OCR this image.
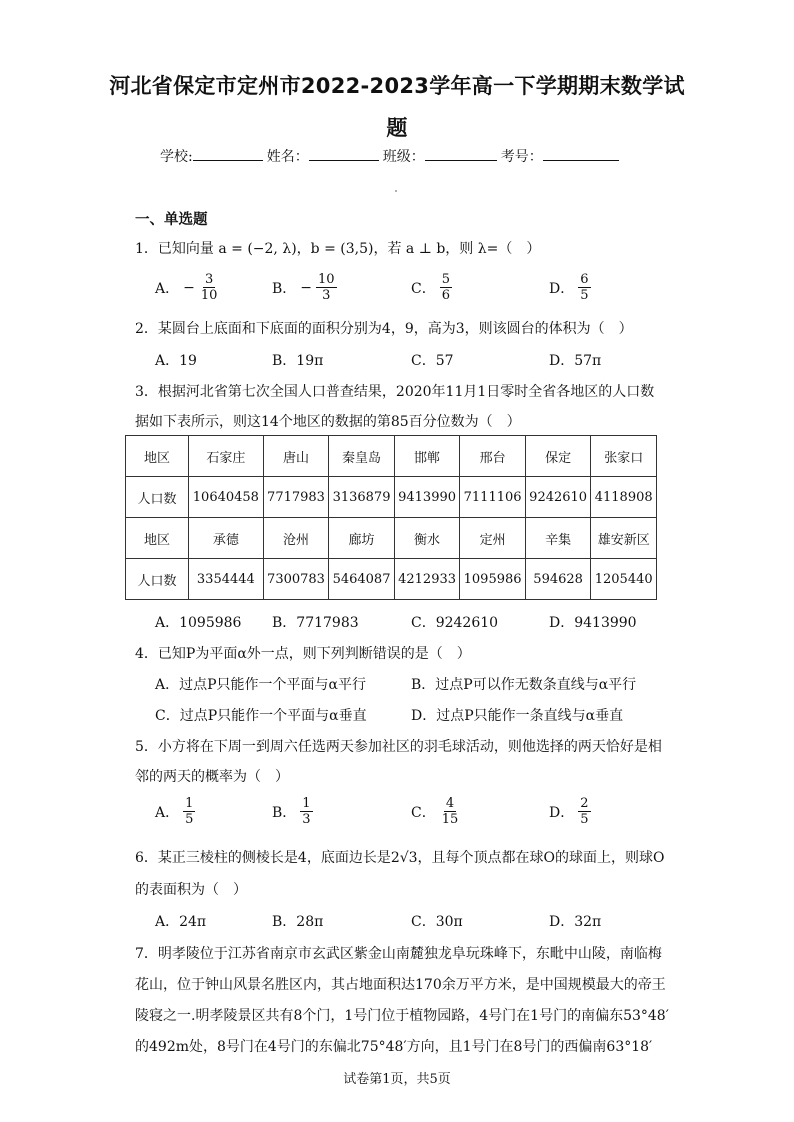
河北省保定市定州市2022-2023学年高一下学期期末数学试
题
学校:	姓名：	班级：	考号：
一、单选题
1．已知向量 a = (−2, λ)，b = (3,5)，若 a ⊥ b，则 λ=（　）
A． − $\frac{3}{10}$	B． − $\frac{10}{3}$	C． $\frac{5}{6}$	D． $\frac{6}{5}$
2．某圆台上底面和下底面的面积分别为4，9，高为3，则该圆台的体积为（　）
A．19	B．19π	C．57	D．57π
3．根据河北省第七次全国人口普查结果，2020年11月1日零时全省各地区的人口数
据如下表所示，则这14个地区的数据的第85百分位数为（　）
地区	石家庄	唐山	秦皇岛	邯郸	邢台	保定	张家口
人口数	10640458	7717983	3136879	9413990	7111106	9242610	4118908
地区	承德	沧州	廊坊	衡水	定州	辛集	雄安新区
人口数	3354444	7300783	5464087	4212933	1095986	594628	1205440
A．1095986 B．7717983	C．9242610	D．9413990
4．已知P为平面α外一点，则下列判断错误的是（　）
A．过点P只能作一个平面与α平行	B．过点P可以作无数条直线与α平行
C．过点P只能作一个平面与α垂直	D．过点P只能作一条直线与α垂直
5．小方将在下周一到周六任选两天参加社区的羽毛球活动，则他选择的两天恰好是相
邻的两天的概率为（　）
A． $\frac{1}{5}$	B． $\frac{1}{3}$	C． $\frac{4}{15}$	D． $\frac{2}{5}$
6．某正三棱柱的侧棱长是4，底面边长是2√3，且每个顶点都在球O的球面上，则球O
的表面积为（　）
A．24π	B．28π	C．30π	D．32π
7．明孝陵位于江苏省南京市玄武区紫金山南麓独龙阜玩珠峰下，东毗中山陵，南临梅
花山，位于钟山风景名胜区内，其占地面积达170余万平方米，是中国规模最大的帝王
陵寝之一.明孝陵景区共有8个门，1号门位于植物园路，4号门在1号门的南偏东53°48′
的492m处，8号门在4号门的东偏北75°48′方向，且1号门在8号门的西偏南63°18′
试卷第1页，共5页
